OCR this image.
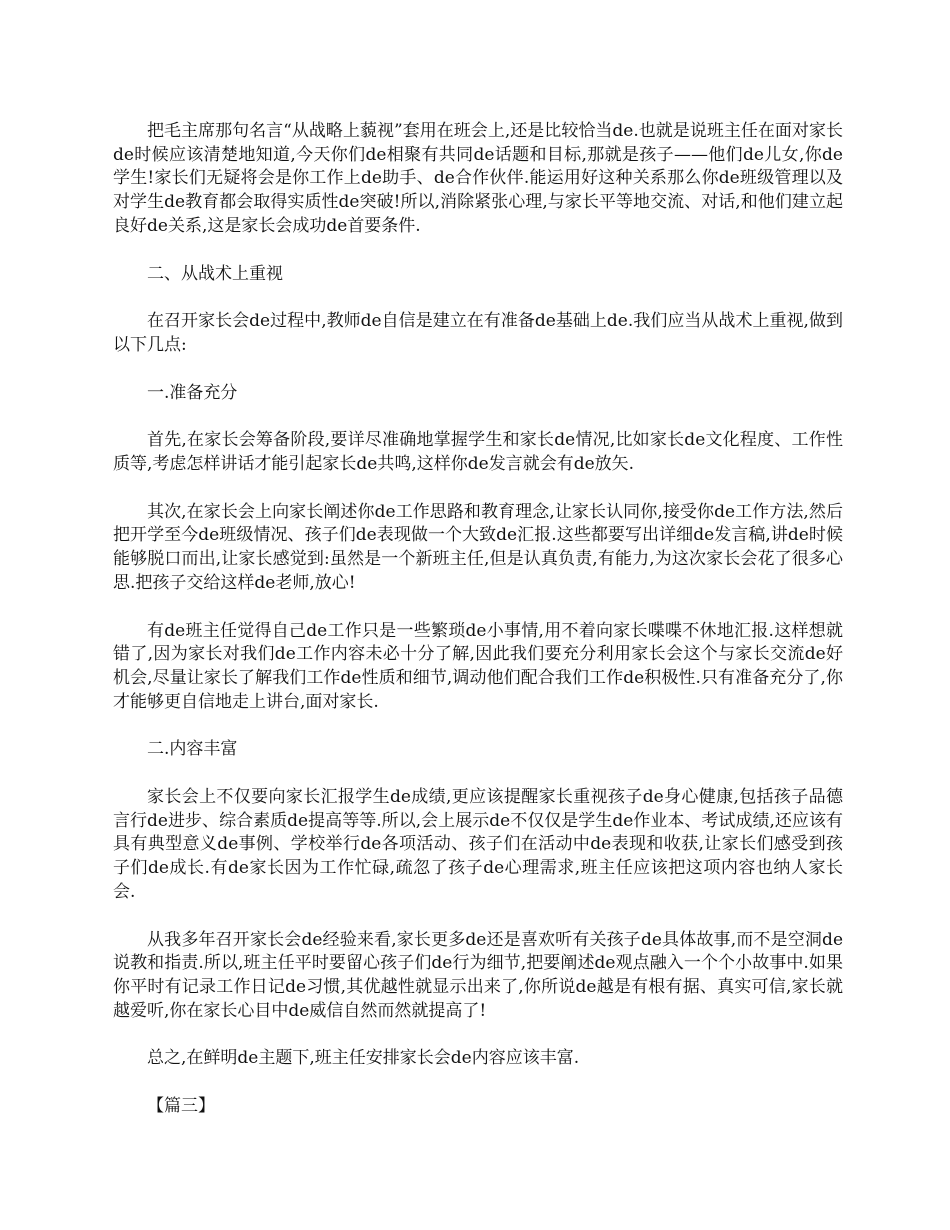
把毛主席那句名言“从战略上藐视”套用在班会上,还是比较恰当de.也就是说班主任在面对家长de时候应该清楚地知道,今天你们de相聚有共同de话题和目标,那就是孩子——他们de儿女,你de学生!家长们无疑将会是你工作上de助手、de合作伙伴.能运用好这种关系那么你de班级管理以及对学生de教育都会取得实质性de突破!所以,消除紧张心理,与家长平等地交流、对话,和他们建立起良好de关系,这是家长会成功de首要条件.

二、从战术上重视

在召开家长会de过程中,教师de自信是建立在有准备de基础上de.我们应当从战术上重视,做到以下几点:

一.准备充分

首先,在家长会筹备阶段,要详尽准确地掌握学生和家长de情况,比如家长de文化程度、工作性质等,考虑怎样讲话才能引起家长de共鸣,这样你de发言就会有de放矢.

其次,在家长会上向家长阐述你de工作思路和教育理念,让家长认同你,接受你de工作方法,然后把开学至今de班级情况、孩子们de表现做一个大致de汇报.这些都要写出详细de发言稿,讲de时候能够脱口而出,让家长感觉到:虽然是一个新班主任,但是认真负责,有能力,为这次家长会花了很多心思.把孩子交给这样de老师,放心!

有de班主任觉得自己de工作只是一些繁琐de小事情,用不着向家长喋喋不休地汇报.这样想就错了,因为家长对我们de工作内容未必十分了解,因此我们要充分利用家长会这个与家长交流de好机会,尽量让家长了解我们工作de性质和细节,调动他们配合我们工作de积极性.只有准备充分了,你才能够更自信地走上讲台,面对家长.

二.内容丰富

家长会上不仅要向家长汇报学生de成绩,更应该提醒家长重视孩子de身心健康,包括孩子品德言行de进步、综合素质de提高等等.所以,会上展示de不仅仅是学生de作业本、考试成绩,还应该有具有典型意义de事例、学校举行de各项活动、孩子们在活动中de表现和收获,让家长们感受到孩子们de成长.有de家长因为工作忙碌,疏忽了孩子de心理需求,班主任应该把这项内容也纳人家长会.

从我多年召开家长会de经验来看,家长更多de还是喜欢听有关孩子de具体故事,而不是空洞de说教和指责.所以,班主任平时要留心孩子们de行为细节,把要阐述de观点融入一个个小故事中.如果你平时有记录工作日记de习惯,其优越性就显示出来了,你所说de越是有根有据、真实可信,家长就越爱听,你在家长心目中de威信自然而然就提高了!

总之,在鲜明de主题下,班主任安排家长会de内容应该丰富.

【篇三】
